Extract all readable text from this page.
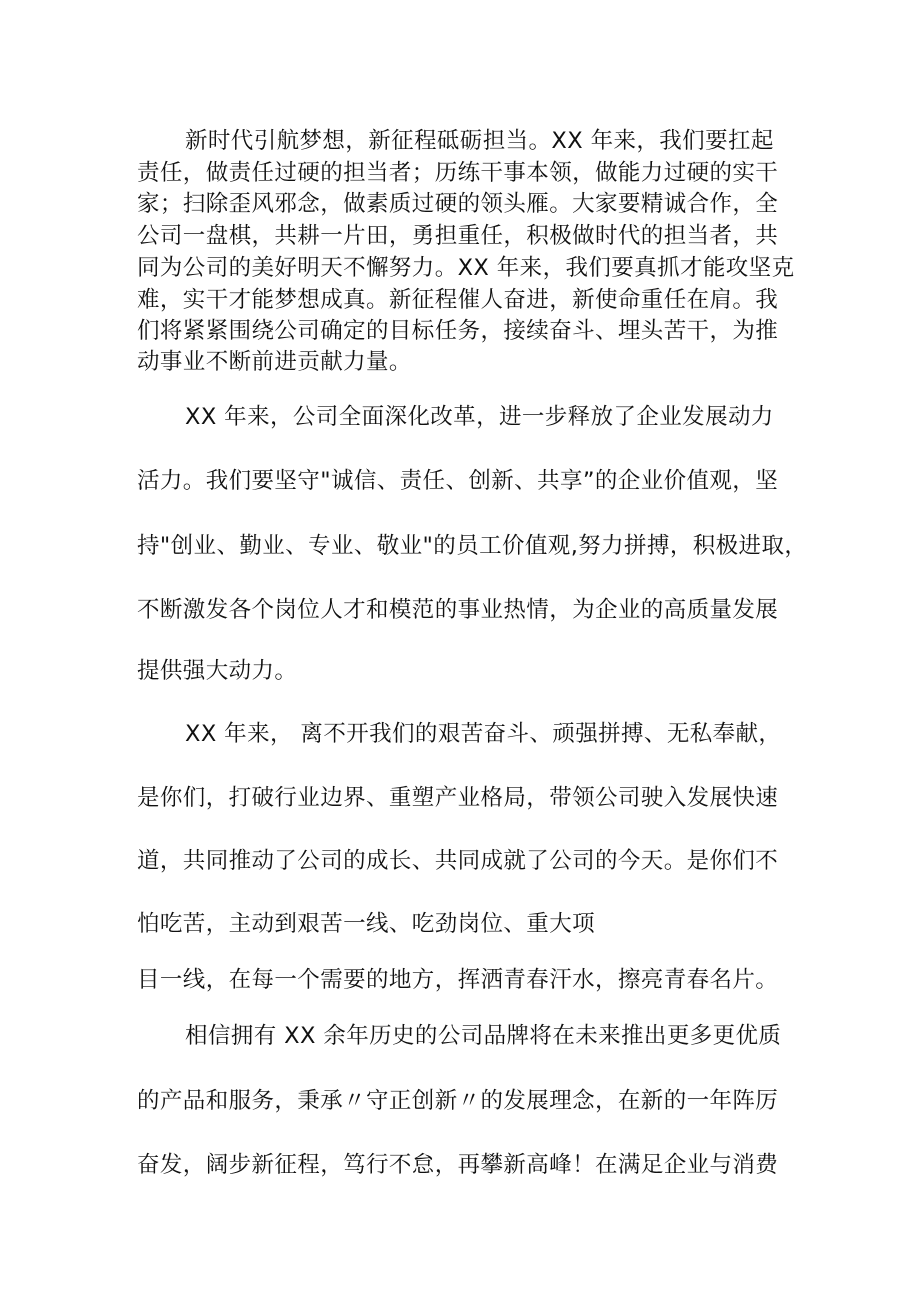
新时代引航梦想，新征程砥砺担当。XX 年来，我们要扛起

责任，做责任过硬的担当者；历练干事本领，做能力过硬的实干

家；扫除歪风邪念，做素质过硬的领头雁。大家要精诚合作，全

公司一盘棋，共耕一片田，勇担重任，积极做时代的担当者，共

同为公司的美好明天不懈努力。XX 年来，我们要真抓才能攻坚克

难，实干才能梦想成真。新征程催人奋进，新使命重任在肩。我

们将紧紧围绕公司确定的目标任务，接续奋斗、埋头苦干，为推

动事业不断前进贡献力量。

XX 年来，公司全面深化改革，进一步释放了企业发展动力

活力。我们要坚守"诚信、责任、创新、共享”的企业价值观，坚

持"创业、勤业、专业、敬业"的员工价值观,努力拼搏，积极进取，

不断激发各个岗位人才和模范的事业热情，为企业的高质量发展

提供强大动力。

XX 年来， 离不开我们的艰苦奋斗、顽强拼搏、无私奉献，

是你们，打破行业边界、重塑产业格局，带领公司驶入发展快速

道，共同推动了公司的成长、共同成就了公司的今天。是你们不

怕吃苦，主动到艰苦一线、吃劲岗位、重大项

目一线，在每一个需要的地方，挥洒青春汗水，擦亮青春名片。

相信拥有 XX 余年历史的公司品牌将在未来推出更多更优质

的产品和服务，秉承〃守正创新〃的发展理念，在新的一年阵厉

奋发，阔步新征程，笃行不怠，再攀新高峰！在满足企业与消费
